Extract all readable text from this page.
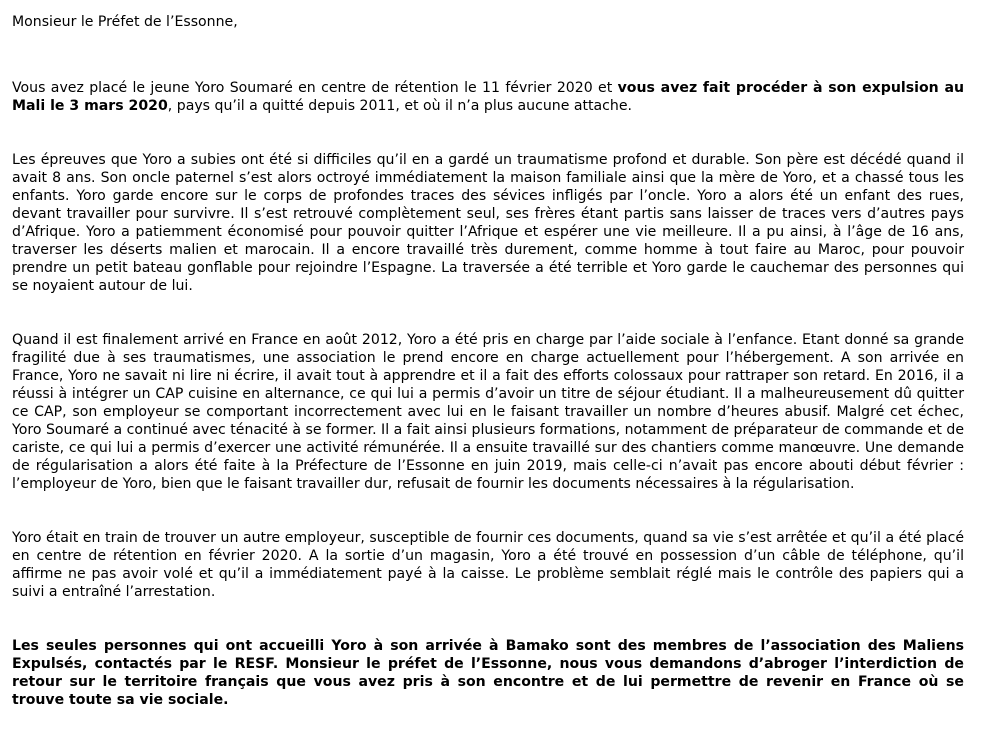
Monsieur le Préfet de l’Essonne,

Vous avez placé le jeune Yoro Soumaré en centre de rétention le 11 février 2020 et vous avez fait procéder à son expulsion au Mali le 3 mars 2020, pays qu’il a quitté depuis 2011, et où il n’a plus aucune attache.

Les épreuves que Yoro a subies ont été si difficiles qu’il en a gardé un traumatisme profond et durable. Son père est décédé quand il avait 8 ans. Son oncle paternel s’est alors octroyé immédiatement la maison familiale ainsi que la mère de Yoro, et a chassé tous les enfants. Yoro garde encore sur le corps de profondes traces des sévices infligés par l’oncle. Yoro a alors été un enfant des rues, devant travailler pour survivre. Il s’est retrouvé complètement seul, ses frères étant partis sans laisser de traces vers d’autres pays d’Afrique. Yoro a patiemment économisé pour pouvoir quitter l’Afrique et espérer une vie meilleure. Il a pu ainsi, à l’âge de 16 ans, traverser les déserts malien et marocain. Il a encore travaillé très durement, comme homme à tout faire au Maroc, pour pouvoir prendre un petit bateau gonflable pour rejoindre l’Espagne. La traversée a été terrible et Yoro garde le cauchemar des personnes qui se noyaient autour de lui.

Quand il est finalement arrivé en France en août 2012, Yoro a été pris en charge par l’aide sociale à l’enfance. Etant donné sa grande fragilité due à ses traumatismes, une association le prend encore en charge actuellement pour l’hébergement. A son arrivée en France, Yoro ne savait ni lire ni écrire, il avait tout à apprendre et il a fait des efforts colossaux pour rattraper son retard. En 2016, il a réussi à intégrer un CAP cuisine en alternance, ce qui lui a permis d’avoir un titre de séjour étudiant. Il a malheureusement dû quitter ce CAP, son employeur se comportant incorrectement avec lui en le faisant travailler un nombre d’heures abusif. Malgré cet échec, Yoro Soumaré a continué avec ténacité à se former. Il a fait ainsi plusieurs formations, notamment de préparateur de commande et de cariste, ce qui lui a permis d’exercer une activité rémunérée. Il a ensuite travaillé sur des chantiers comme manœuvre. Une demande de régularisation a alors été faite à la Préfecture de l’Essonne en juin 2019, mais celle-ci n’avait pas encore abouti début février : l’employeur de Yoro, bien que le faisant travailler dur, refusait de fournir les documents nécessaires à la régularisation.

Yoro était en train de trouver un autre employeur, susceptible de fournir ces documents, quand sa vie s’est arrêtée et qu’il a été placé en centre de rétention en février 2020. A la sortie d’un magasin, Yoro a été trouvé en possession d’un câble de téléphone, qu’il affirme ne pas avoir volé et qu’il a immédiatement payé à la caisse. Le problème semblait réglé mais le contrôle des papiers qui a suivi a entraîné l’arrestation.

Les seules personnes qui ont accueilli Yoro à son arrivée à Bamako sont des membres de l’association des Maliens Expulsés, contactés par le RESF. Monsieur le préfet de l’Essonne, nous vous demandons d’abroger l’interdiction de retour sur le territoire français que vous avez pris à son encontre et de lui permettre de revenir en France où se trouve toute sa vie sociale.
